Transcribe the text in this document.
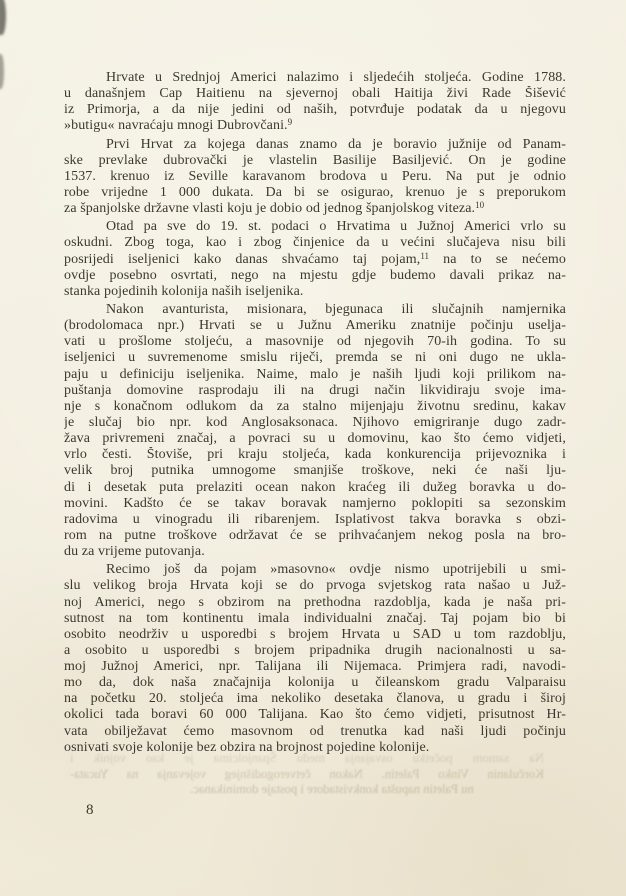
Hrvate u Srednjoj Americi nalazimo i sljedećih stoljeća. Godine 1788.
u današnjem Cap Haitienu na sjevernoj obali Haitija živi Rade Šišević
iz Primorja, a da nije jedini od naših, potvrđuje podatak da u njegovu
»butigu« navraćaju mnogi Dubrovčani.$^9$
Prvi Hrvat za kojega danas znamo da je boravio južnije od Panam-
ske prevlake dubrovački je vlastelin Basilije Basiljević. On je godine
1537. krenuo iz Seville karavanom brodova u Peru. Na put je odnio
robe vrijedne 1 000 dukata. Da bi se osigurao, krenuo je s preporukom
za španjolske državne vlasti koju je dobio od jednog španjolskog viteza.$^{10}$
Otad pa sve do 19. st. podaci o Hrvatima u Južnoj Americi vrlo su
oskudni. Zbog toga, kao i zbog činjenice da u većini slučajeva nisu bili
posrijedi iseljenici kako danas shvaćamo taj pojam,$^{11}$ na to se nećemo
ovdje posebno osvrtati, nego na mjestu gdje budemo davali prikaz na-
stanka pojedinih kolonija naših iseljenika.
Nakon avanturista, misionara, bjegunaca ili slučajnih namjernika
(brodolomaca npr.) Hrvati se u Južnu Ameriku znatnije počinju uselja-
vati u prošlome stoljeću, a masovnije od njegovih 70-ih godina. To su
iseljenici u suvremenome smislu riječi, premda se ni oni dugo ne ukla-
paju u definiciju iseljenika. Naime, malo je naših ljudi koji prilikom na-
puštanja domovine rasprodaju ili na drugi način likvidiraju svoje ima-
nje s konačnom odlukom da za stalno mijenjaju životnu sredinu, kakav
je slučaj bio npr. kod Anglosaksonaca. Njihovo emigriranje dugo zadr-
žava privremeni značaj, a povraci su u domovinu, kao što ćemo vidjeti,
vrlo česti. Štoviše, pri kraju stoljeća, kada konkurencija prijevoznika i
velik broj putnika umnogome smanjiše troškove, neki će naši lju-
di i desetak puta prelaziti ocean nakon kraćeg ili dužeg boravka u do-
movini. Kadšto će se takav boravak namjerno poklopiti sa sezonskim
radovima u vinogradu ili ribarenjem. Isplativost takva boravka s obzi-
rom na putne troškove održavat će se prihvaćanjem nekog posla na bro-
du za vrijeme putovanja.
Recimo još da pojam »masovno« ovdje nismo upotrijebili u smi-
slu velikog broja Hrvata koji se do prvoga svjetskog rata našao u Juž-
noj Americi, nego s obzirom na prethodna razdoblja, kada je naša pri-
sutnost na tom kontinentu imala individualni značaj. Taj pojam bio bi
osobito neodrživ u usporedbi s brojem Hrvata u SAD u tom razdoblju,
a osobito u usporedbi s brojem pripadnika drugih nacionalnosti u sa-
moj Južnoj Americi, npr. Talijana ili Nijemaca. Primjera radi, navodi-
mo da, dok naša značajnija kolonija u čileanskom gradu Valparaisu
na početku 20. stoljeća ima nekoliko desetaka članova, u gradu i široj
okolici tada boravi 60 000 Talijana. Kao što ćemo vidjeti, prisutnost Hr-
vata obilježavat ćemo masovnom od trenutka kad naši ljudi počinju
osnivati svoje kolonije bez obzira na brojnost pojedine kolonije.
Na samom početku osvajanja među Španjolcima je kao vojnik i
Korčulanin Vinko Paletin. Nakon četverogodišnjeg vojevanja na Yucata-
nu Paletin napušta konkvistadore i postaje dominikanac.
8
